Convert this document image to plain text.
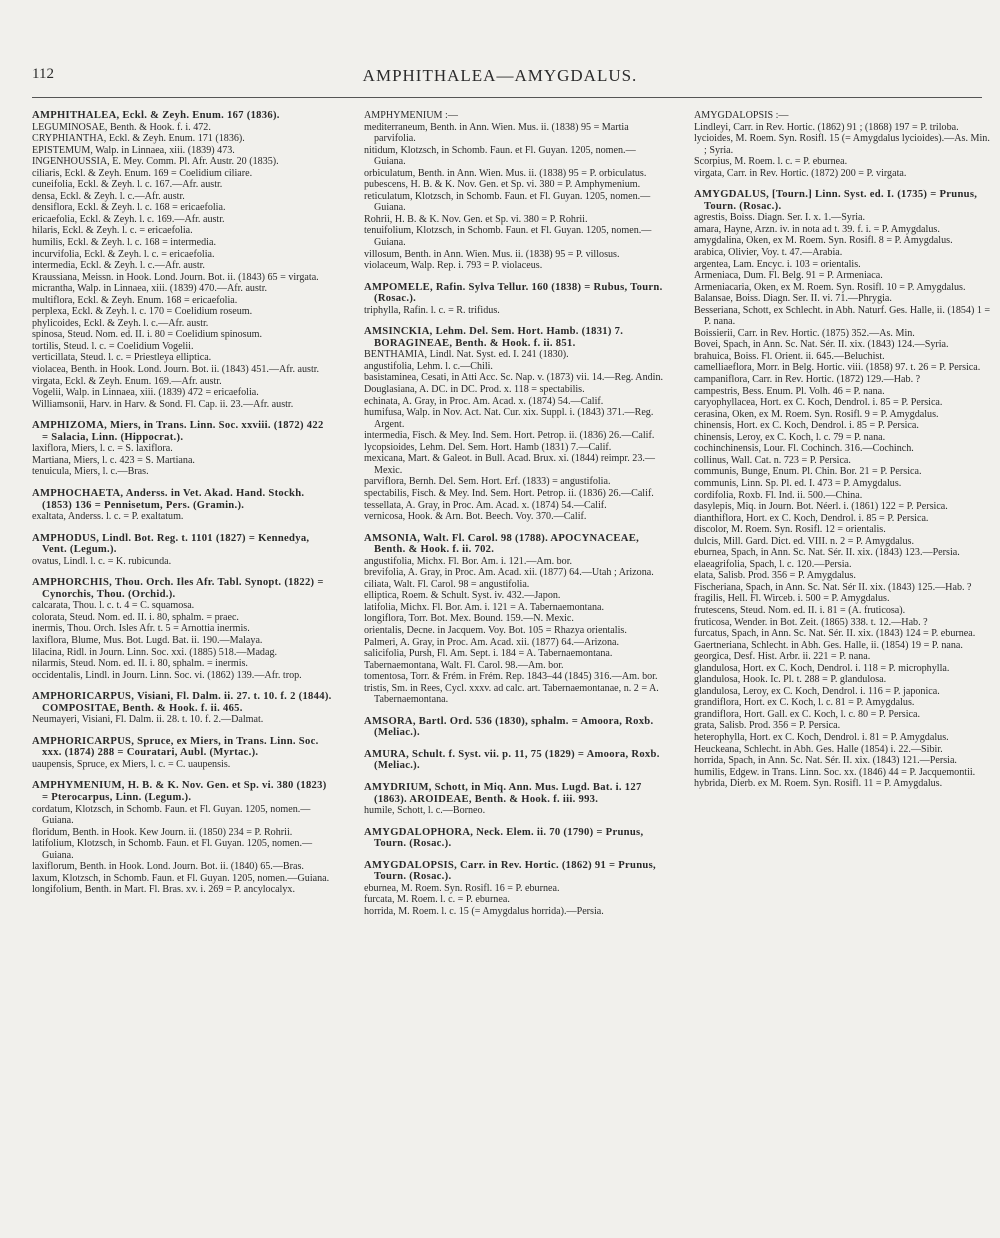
112	AMPHITHALEA—AMYGDALUS.
AMPHITHALEA, Eckl. & Zeyh. Enum. 167 (1836).
LEGUMINOSAE, Benth. & Hook. f. i. 472.
CRYPHIANTHA, Eckl. & Zeyh. Enum. 171 (1836).
EPISTEMUM, Walp. in Linnaea, xiii. (1839) 473.
INGENHOUSSIA, E. Mey. Comm. Pl. Afr. Austr. 20 (1835).
ciliaris, Eckl. & Zeyh. Enum. 169 = Coelidium ciliare.
cuneifolia, Eckl. & Zeyh. l. c. 167.—Afr. austr.
densa, Eckl. & Zeyh. l. c.—Afr. austr.
densiflora, Eckl. & Zeyh. l. c. 168 = ericaefolia.
ericaefolia, Eckl. & Zeyh. l. c. 169.—Afr. austr.
hilaris, Eckl. & Zeyh. l. c. = ericaefolia.
humilis, Eckl. & Zeyh. l. c. 168 = intermedia.
incurvifolia, Eckl. & Zeyh. l. c. = ericaefolia.
intermedia, Eckl. & Zeyh. l. c.—Afr. austr.
Kraussiana, Meissn. in Hook. Lond. Journ. Bot. ii. (1843) 65 = virgata.
micrantha, Walp. in Linnaea, xiii. (1839) 470.—Afr. austr.
multiflora, Eckl. & Zeyh. Enum. 168 = ericaefolia.
perplexa, Eckl. & Zeyh. l. c. 170 = Coelidium roseum.
phylicoides, Eckl. & Zeyh. l. c.—Afr. austr.
spinosa, Steud. Nom. ed. II. i. 80 = Coelidium spinosum.
tortilis, Steud. l. c. = Coelidium Vogelii.
verticillata, Steud. l. c. = Priestleya elliptica.
violacea, Benth. in Hook. Lond. Journ. Bot. ii. (1843) 451.—Afr. austr.
virgata, Eckl. & Zeyh. Enum. 169.—Afr. austr.
Vogelii, Walp. in Linnaea, xiii. (1839) 472 = ericaefolia.
Williamsonii, Harv. in Harv. & Sond. Fl. Cap. ii. 23.—Afr. austr.
AMPHIZOMA, Miers, in Trans. Linn. Soc. xxviii. (1872) 422 = Salacia, Linn. (Hippocrat.).
laxiflora, Miers, l. c. = S. laxiflora.
Martiana, Miers, l. c. 423 = S. Martiana.
tenuicula, Miers, l. c.—Bras.
AMPHOCHAETA, Anderss. in Vet. Akad. Hand. Stockh. (1853) 136 = Pennisetum, Pers. (Gramin.).
exaltata, Anderss. l. c. = P. exaltatum.
AMPHODUS, Lindl. Bot. Reg. t. 1101 (1827) = Kennedya, Vent. (Legum.).
ovatus, Lindl. l. c. = K. rubicunda.
AMPHORCHIS, Thou. Orch. Iles Afr. Tabl. Synopt. (1822) = Cynorchis, Thou. (Orchid.).
calcarata, Thou. l. c. t. 4 = C. squamosa.
colorata, Steud. Nom. ed. II. i. 80, sphalm. = praec.
inermis, Thou. Orch. Isles Afr. t. 5 = Arnottia inermis.
laxiflora, Blume, Mus. Bot. Lugd. Bat. ii. 190.—Malaya.
lilacina, Ridl. in Journ. Linn. Soc. xxi. (1885) 518.—Madag.
nilarmis, Steud. Nom. ed. II. i. 80, sphalm. = inermis.
occidentalis, Lindl. in Journ. Linn. Soc. vi. (1862) 139.—Afr. trop.
AMPHORICARPUS, Visiani, Fl. Dalm. ii. 27. t. 10. f. 2 (1844). COMPOSITAE, Benth. & Hook. f. ii. 465.
Neumayeri, Visiani, Fl. Dalm. ii. 28. t. 10. f. 2.—Dalmat.
AMPHORICARPUS, Spruce, ex Miers, in Trans. Linn. Soc. xxx. (1874) 288 = Couratari, Aubl. (Myrtac.).
uaupensis, Spruce, ex Miers, l. c. = C. uaupensis.
AMPHYMENIUM, H. B. & K. Nov. Gen. et Sp. vi. 380 (1823) = Pterocarpus, Linn. (Legum.).
cordatum, Klotzsch, in Schomb. Faun. et Fl. Guyan. 1205, nomen.—Guiana.
floridum, Benth. in Hook. Kew Journ. ii. (1850) 234 = P. Rohrii.
latifolium, Klotzsch, in Schomb. Faun. et Fl. Guyan. 1205, nomen.—Guiana.
laxiflorum, Benth. in Hook. Lond. Journ. Bot. ii. (1840) 65.—Bras.
laxum, Klotzsch, in Schomb. Faun. et Fl. Guyan. 1205, nomen.—Guiana.
longifolium, Benth. in Mart. Fl. Bras. xv. i. 269 = P. ancylocalyx.
AMPHYMENIUM :—
mediterraneum, Benth. in Ann. Wien. Mus. ii. (1838) 95 = Martia parvifolia.
nitidum, Klotzsch, in Schomb. Faun. et Fl. Guyan. 1205, nomen.—Guiana.
orbiculatum, Benth. in Ann. Wien. Mus. ii. (1838) 95 = P. orbiculatus.
pubescens, H. B. & K. Nov. Gen. et Sp. vi. 380 = P. Amphymenium.
reticulatum, Klotzsch, in Schomb. Faun. et Fl. Guyan. 1205, nomen.—Guiana.
Rohrii, H. B. & K. Nov. Gen. et Sp. vi. 380 = P. Rohrii.
tenuifolium, Klotzsch, in Schomb. Faun. et Fl. Guyan. 1205, nomen.—Guiana.
villosum, Benth. in Ann. Wien. Mus. ii. (1838) 95 = P. villosus.
violaceum, Walp. Rep. i. 793 = P. violaceus.
AMPOMELE, Rafin. Sylva Tellur. 160 (1838) = Rubus, Tourn. (Rosac.).
triphylla, Rafin. l. c. = R. trifidus.
AMSINCKIA, Lehm. Del. Sem. Hort. Hamb. (1831) 7. BORAGINEAE, Benth. & Hook. f. ii. 851.
BENTHAMIA, Lindl. Nat. Syst. ed. I. 241 (1830).
angustifolia, Lehm. l. c.—Chili.
basistaminea, Cesati, in Atti Acc. Sc. Nap. v. (1873) vii. 14.—Reg. Andin.
Douglasiana, A. DC. in DC. Prod. x. 118 = spectabilis.
echinata, A. Gray, in Proc. Am. Acad. x. (1874) 54.—Calif.
humifusa, Walp. in Nov. Act. Nat. Cur. xix. Suppl. i. (1843) 371.—Reg. Argent.
intermedia, Fisch. & Mey. Ind. Sem. Hort. Petrop. ii. (1836) 26.—Calif.
lycopsioides, Lehm. Del. Sem. Hort. Hamb (1831) 7.—Calif.
mexicana, Mart. & Galeot. in Bull. Acad. Brux. xi. (1844) reimpr. 23.—Mexic.
parviflora, Bernh. Del. Sem. Hort. Erf. (1833) = angustifolia.
spectabilis, Fisch. & Mey. Ind. Sem. Hort. Petrop. ii. (1836) 26.—Calif.
tessellata, A. Gray, in Proc. Am. Acad. x. (1874) 54.—Calif.
vernicosa, Hook. & Arn. Bot. Beech. Voy. 370.—Calif.
AMSONIA, Walt. Fl. Carol. 98 (1788). APOCYNACEAE, Benth. & Hook. f. ii. 702.
angustifolia, Michx. Fl. Bor. Am. i. 121.—Am. bor.
brevifolia, A. Gray, in Proc. Am. Acad. xii. (1877) 64.—Utah ; Arizona.
ciliata, Walt. Fl. Carol. 98 = angustifolia.
elliptica, Roem. & Schult. Syst. iv. 432.—Japon.
latifolia, Michx. Fl. Bor. Am. i. 121 = A. Tabernaemontana.
longiflora, Torr. Bot. Mex. Bound. 159.—N. Mexic.
orientalis, Decne. in Jacquem. Voy. Bot. 105 = Rhazya orientalis.
Palmeri, A. Gray, in Proc. Am. Acad. xii. (1877) 64.—Arizona.
salicifolia, Pursh, Fl. Am. Sept. i. 184 = A. Tabernaemontana.
Tabernaemontana, Walt. Fl. Carol. 98.—Am. bor.
tomentosa, Torr. & Frém. in Frém. Rep. 1843–44 (1845) 316.—Am. bor.
tristis, Sm. in Rees, Cycl. xxxv. ad calc. art. Tabernaemontanae, n. 2 = A. Tabernaemontana.
AMSORA, Bartl. Ord. 536 (1830), sphalm. = Amoora, Roxb. (Meliac.).
AMURA, Schult. f. Syst. vii. p. 11, 75 (1829) = Amoora, Roxb. (Meliac.).
AMYDRIUM, Schott, in Miq. Ann. Mus. Lugd. Bat. i. 127 (1863). AROIDEAE, Benth. & Hook. f. iii. 993.
humile, Schott, l. c.—Borneo.
AMYGDALOPHORA, Neck. Elem. ii. 70 (1790) = Prunus, Tourn. (Rosac.).
AMYGDALOPSIS, Carr. in Rev. Hortic. (1862) 91 = Prunus, Tourn. (Rosac.).
eburnea, M. Roem. Syn. Rosifl. 16 = P. eburnea.
furcata, M. Roem. l. c. = P. eburnea.
horrida, M. Roem. l. c. 15 (= Amygdalus horrida).—Persia.
AMYGDALOPSIS :—
Lindleyi, Carr. in Rev. Hortic. (1862) 91 ; (1868) 197 = P. triloba.
lycioides, M. Roem. Syn. Rosifl. 15 (= Amygdalus lycioides).—As. Min. ; Syria.
Scorpius, M. Roem. l. c. = P. eburnea.
virgata, Carr. in Rev. Hortic. (1872) 200 = P. virgata.
AMYGDALUS, [Tourn.] Linn. Syst. ed. I. (1735) = Prunus, Tourn. (Rosac.).
agrestis, Boiss. Diagn. Ser. I. x. 1.—Syria.
amara, Hayne, Arzn. iv. in nota ad t. 39. f. i. = P. Amygdalus.
amygdalina, Oken, ex M. Roem. Syn. Rosifl. 8 = P. Amygdalus.
arabica, Olivier, Voy. t. 47.—Arabia.
argentea, Lam. Encyc. i. 103 = orientalis.
Armeniaca, Dum. Fl. Belg. 91 = P. Armeniaca.
Armeniacaria, Oken, ex M. Roem. Syn. Rosifl. 10 = P. Amygdalus.
Balansae, Boiss. Diagn. Ser. II. vi. 71.—Phrygia.
Besseriana, Schott, ex Schlecht. in Abh. Naturf. Ges. Halle, ii. (1854) 1 = P. nana.
Boissierii, Carr. in Rev. Hortic. (1875) 352.—As. Min.
Bovei, Spach, in Ann. Sc. Nat. Sér. II. xix. (1843) 124.—Syria.
brahuica, Boiss. Fl. Orient. ii. 645.—Beluchist.
camelliaeflora, Morr. in Belg. Hortic. viii. (1858) 97. t. 26 = P. Persica.
campaniflora, Carr. in Rev. Hortic. (1872) 129.—Hab. ?
campestris, Bess. Enum. Pl. Volh. 46 = P. nana.
caryophyllacea, Hort. ex C. Koch, Dendrol. i. 85 = P. Persica.
cerasina, Oken, ex M. Roem. Syn. Rosifl. 9 = P. Amygdalus.
chinensis, Hort. ex C. Koch, Dendrol. i. 85 = P. Persica.
chinensis, Leroy, ex C. Koch, l. c. 79 = P. nana.
cochinchinensis, Lour. Fl. Cochinch. 316.—Cochinch.
collinus, Wall. Cat. n. 723 = P. Persica.
communis, Bunge, Enum. Pl. Chin. Bor. 21 = P. Persica.
communis, Linn. Sp. Pl. ed. I. 473 = P. Amygdalus.
cordifolia, Roxb. Fl. Ind. ii. 500.—China.
dasylepis, Miq. in Journ. Bot. Néerl. i. (1861) 122 = P. Persica.
dianthiflora, Hort. ex C. Koch, Dendrol. i. 85 = P. Persica.
discolor, M. Roem. Syn. Rosifl. 12 = orientalis.
dulcis, Mill. Gard. Dict. ed. VIII. n. 2 = P. Amygdalus.
eburnea, Spach, in Ann. Sc. Nat. Sér. II. xix. (1843) 123.—Persia.
elaeagrifolia, Spach, l. c. 120.—Persia.
elata, Salisb. Prod. 356 = P. Amygdalus.
Fischeriana, Spach, in Ann. Sc. Nat. Sér II. xix. (1843) 125.—Hab. ?
fragilis, Hell. Fl. Wirceb. i. 500 = P. Amygdalus.
frutescens, Steud. Nom. ed. II. i. 81 = (A. fruticosa).
fruticosa, Wender. in Bot. Zeit. (1865) 338. t. 12.—Hab. ?
furcatus, Spach, in Ann. Sc. Nat. Sér. II. xix. (1843) 124 = P. eburnea.
Gaertneriana, Schlecht. in Abh. Ges. Halle, ii. (1854) 19 = P. nana.
georgica, Desf. Hist. Arbr. ii. 221 = P. nana.
glandulosa, Hort. ex C. Koch, Dendrol. i. 118 = P. microphylla.
glandulosa, Hook. Ic. Pl. t. 288 = P. glandulosa.
glandulosa, Leroy, ex C. Koch, Dendrol. i. 116 = P. japonica.
grandiflora, Hort. ex C. Koch, l. c. 81 = P. Amygdalus.
grandiflora, Hort. Gall. ex C. Koch, l. c. 80 = P. Persica.
grata, Salisb. Prod. 356 = P. Persica.
heterophylla, Hort. ex C. Koch, Dendrol. i. 81 = P. Amygdalus.
Heuckeana, Schlecht. in Abh. Ges. Halle (1854) i. 22.—Sibir.
horrida, Spach, in Ann. Sc. Nat. Sér. II. xix. (1843) 121.—Persia.
humilis, Edgew. in Trans. Linn. Soc. xx. (1846) 44 = P. Jacquemontii.
hybrida, Dierb. ex M. Roem. Syn. Rosifl. 11 = P. Amygdalus.
